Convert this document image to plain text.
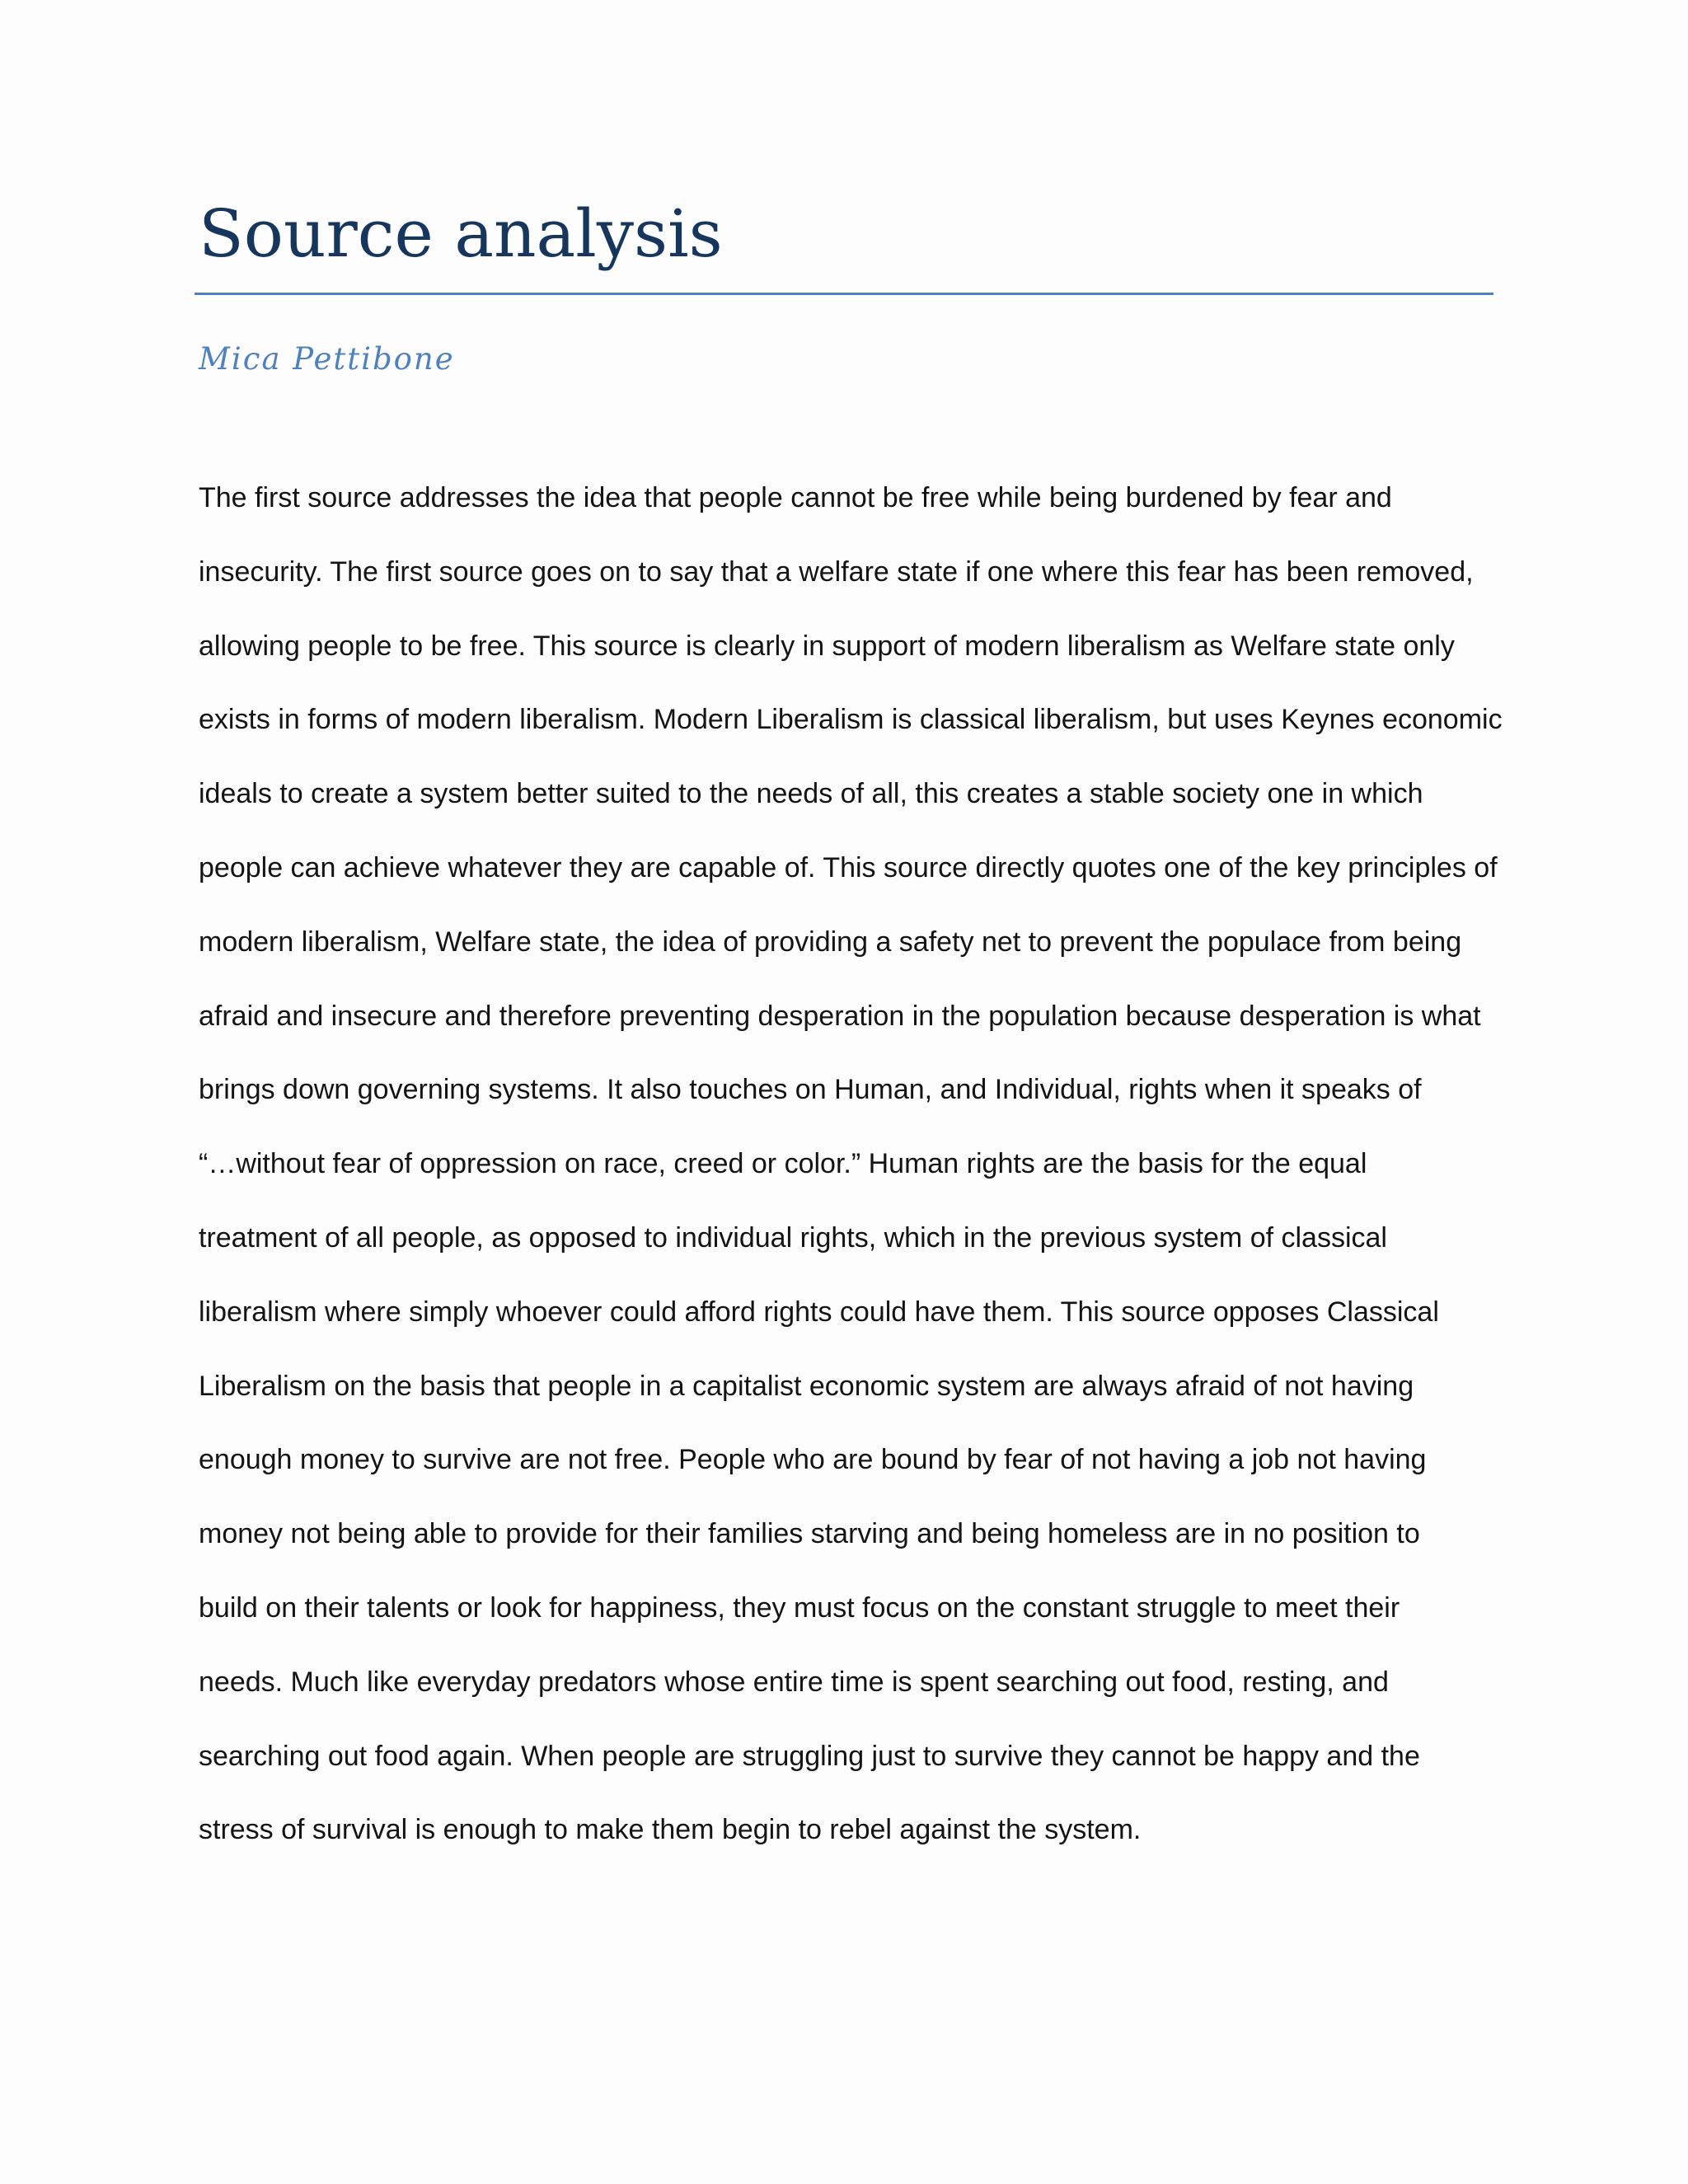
Source analysis

Mica Pettibone

The first source addresses the idea that people cannot be free while being burdened by fear and
insecurity. The first source goes on to say that a welfare state if one where this fear has been removed,
allowing people to be free. This source is clearly in support of modern liberalism as Welfare state only
exists in forms of modern liberalism. Modern Liberalism is classical liberalism, but uses Keynes economic
ideals to create a system better suited to the needs of all, this creates a stable society one in which
people can achieve whatever they are capable of. This source directly quotes one of the key principles of
modern liberalism, Welfare state, the idea of providing a safety net to prevent the populace from being
afraid and insecure and therefore preventing desperation in the population because desperation is what
brings down governing systems. It also touches on Human, and Individual, rights when it speaks of
“…without fear of oppression on race, creed or color.” Human rights are the basis for the equal
treatment of all people, as opposed to individual rights, which in the previous system of classical
liberalism where simply whoever could afford rights could have them. This source opposes Classical
Liberalism on the basis that people in a capitalist economic system are always afraid of not having
enough money to survive are not free. People who are bound by fear of not having a job not having
money not being able to provide for their families starving and being homeless are in no position to
build on their talents or look for happiness, they must focus on the constant struggle to meet their
needs. Much like everyday predators whose entire time is spent searching out food, resting, and
searching out food again. When people are struggling just to survive they cannot be happy and the
stress of survival is enough to make them begin to rebel against the system.
